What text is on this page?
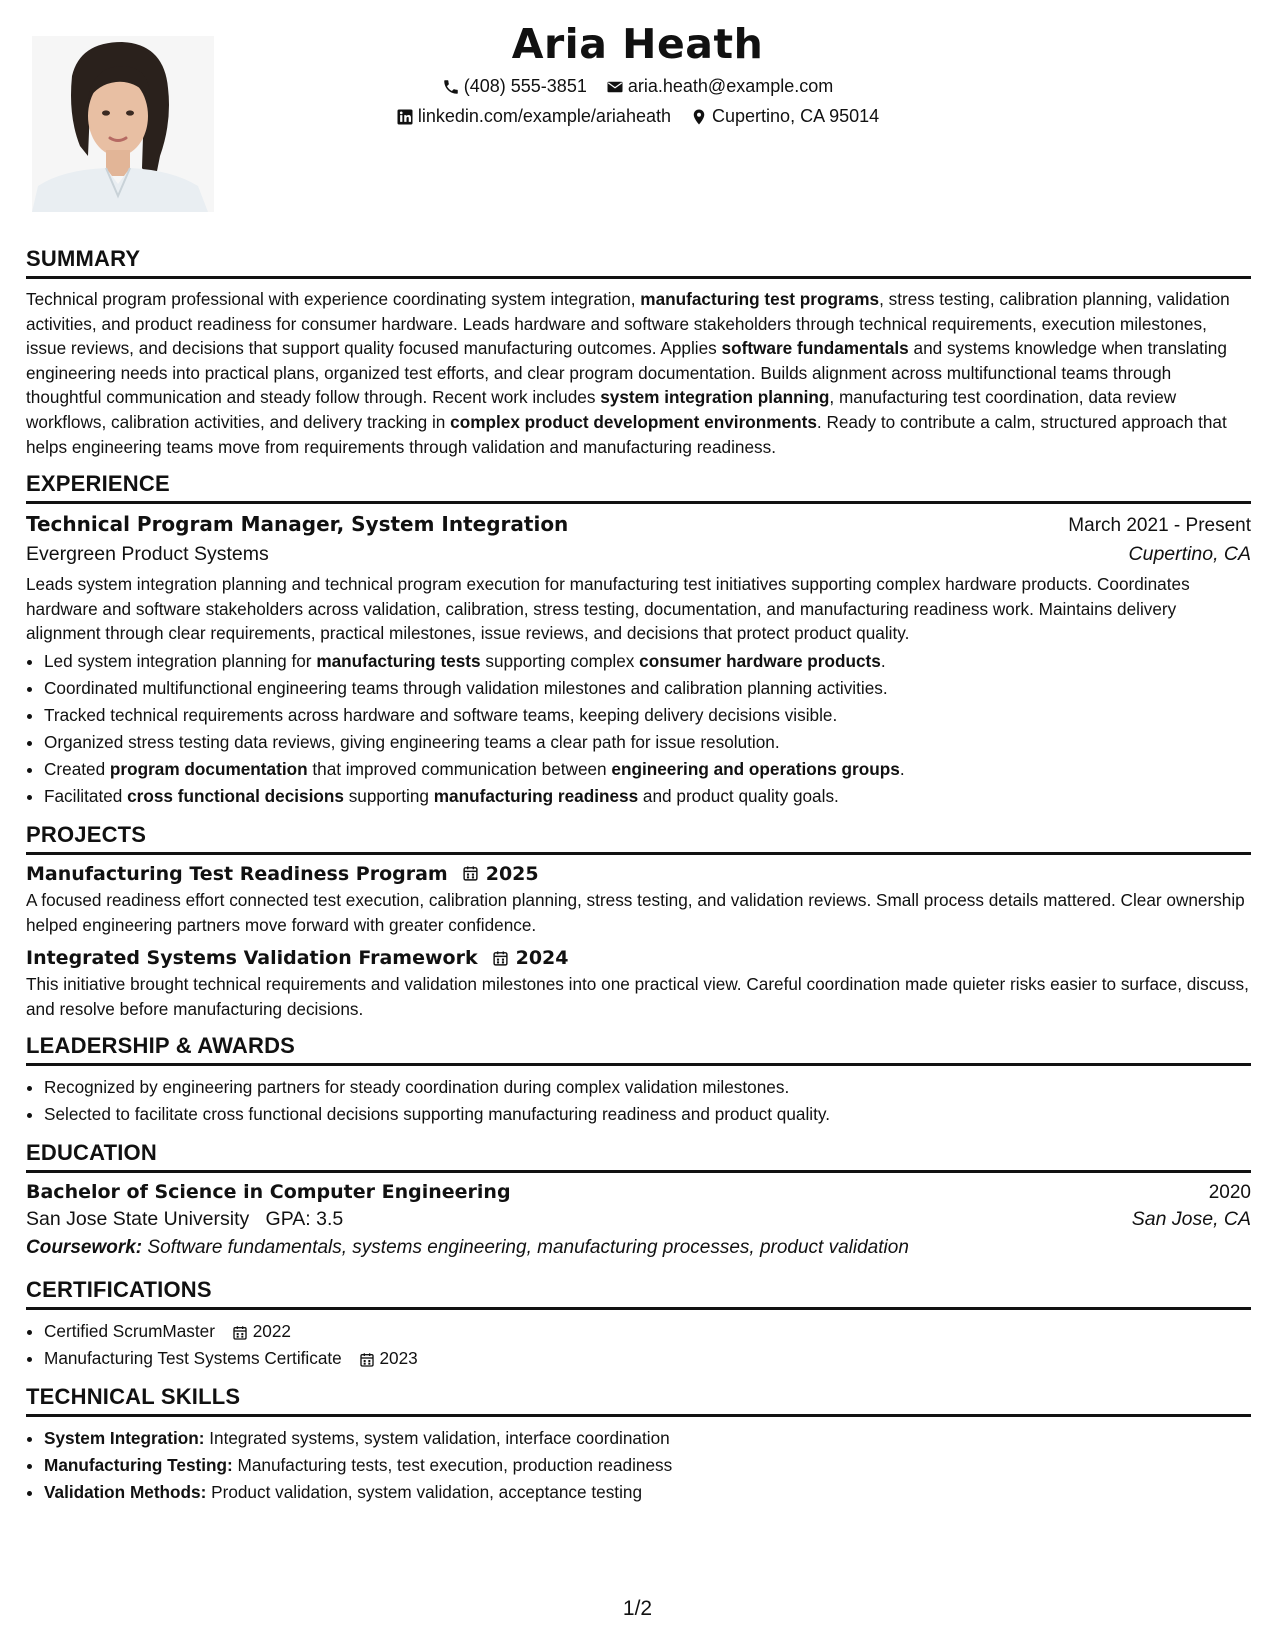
Aria Heath
(408) 555-3851
aria.heath@example.com
linkedin.com/example/ariaheath
Cupertino, CA 95014
SUMMARY
Technical program professional with experience coordinating system integration, manufacturing test programs, stress testing, calibration planning, validation activities, and product readiness for consumer hardware. Leads hardware and software stakeholders through technical requirements, execution milestones, issue reviews, and decisions that support quality focused manufacturing outcomes. Applies software fundamentals and systems knowledge when translating engineering needs into practical plans, organized test efforts, and clear program documentation. Builds alignment across multifunctional teams through thoughtful communication and steady follow through. Recent work includes system integration planning, manufacturing test coordination, data review workflows, calibration activities, and delivery tracking in complex product development environments. Ready to contribute a calm, structured approach that helps engineering teams move from requirements through validation and manufacturing readiness.
EXPERIENCE
Technical Program Manager, System Integration	March 2021 - Present
Evergreen Product Systems	Cupertino, CA
Leads system integration planning and technical program execution for manufacturing test initiatives supporting complex hardware products. Coordinates hardware and software stakeholders across validation, calibration, stress testing, documentation, and manufacturing readiness work. Maintains delivery alignment through clear requirements, practical milestones, issue reviews, and decisions that protect product quality.
• Led system integration planning for manufacturing tests supporting complex consumer hardware products.
• Coordinated multifunctional engineering teams through validation milestones and calibration planning activities.
• Tracked technical requirements across hardware and software teams, keeping delivery decisions visible.
• Organized stress testing data reviews, giving engineering teams a clear path for issue resolution.
• Created program documentation that improved communication between engineering and operations groups.
• Facilitated cross functional decisions supporting manufacturing readiness and product quality goals.
PROJECTS
Manufacturing Test Readiness Program 2025
A focused readiness effort connected test execution, calibration planning, stress testing, and validation reviews. Small process details mattered. Clear ownership helped engineering partners move forward with greater confidence.
Integrated Systems Validation Framework 2024
This initiative brought technical requirements and validation milestones into one practical view. Careful coordination made quieter risks easier to surface, discuss, and resolve before manufacturing decisions.
LEADERSHIP & AWARDS
• Recognized by engineering partners for steady coordination during complex validation milestones.
• Selected to facilitate cross functional decisions supporting manufacturing readiness and product quality.
EDUCATION
Bachelor of Science in Computer Engineering	2020
San Jose State University GPA: 3.5	San Jose, CA
Coursework: Software fundamentals, systems engineering, manufacturing processes, product validation
CERTIFICATIONS
• Certified ScrumMaster 2022
• Manufacturing Test Systems Certificate 2023
TECHNICAL SKILLS
• System Integration: Integrated systems, system validation, interface coordination
• Manufacturing Testing: Manufacturing tests, test execution, production readiness
• Validation Methods: Product validation, system validation, acceptance testing
1/2
